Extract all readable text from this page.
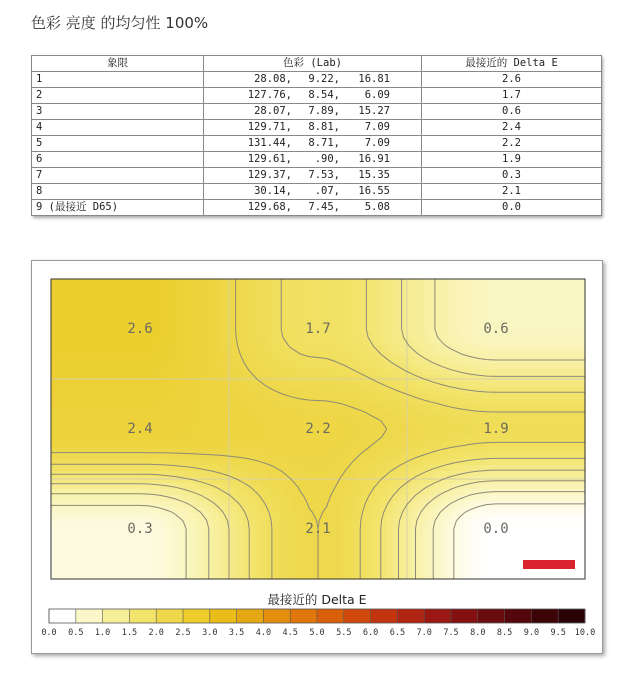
色彩 亮度 的均匀性 100%
象限	色彩 (Lab)	最接近的 Delta E
1	28.08, 9.22, 16.81	2.6
2	127.76, 8.54, 6.09	1.7
3	28.07, 7.89, 15.27	0.6
4	129.71, 8.81, 7.09	2.4
5	131.44, 8.71, 7.09	2.2
6	129.61, .90, 16.91	1.9
7	129.37, 7.53, 15.35	0.3
8	30.14, .07, 16.55	2.1
9 (最接近 D65)	129.68, 7.45, 5.08	0.0
2.6	1.7	0.6
2.4	2.2	1.9
0.3	2.1	0.0
最接近的 Delta E
0.0 0.5 1.0 1.5 2.0 2.5 3.0 3.5 4.0 4.5 5.0 5.5 6.0 6.5 7.0 7.5 8.0 8.5 9.0 9.5 10.0
